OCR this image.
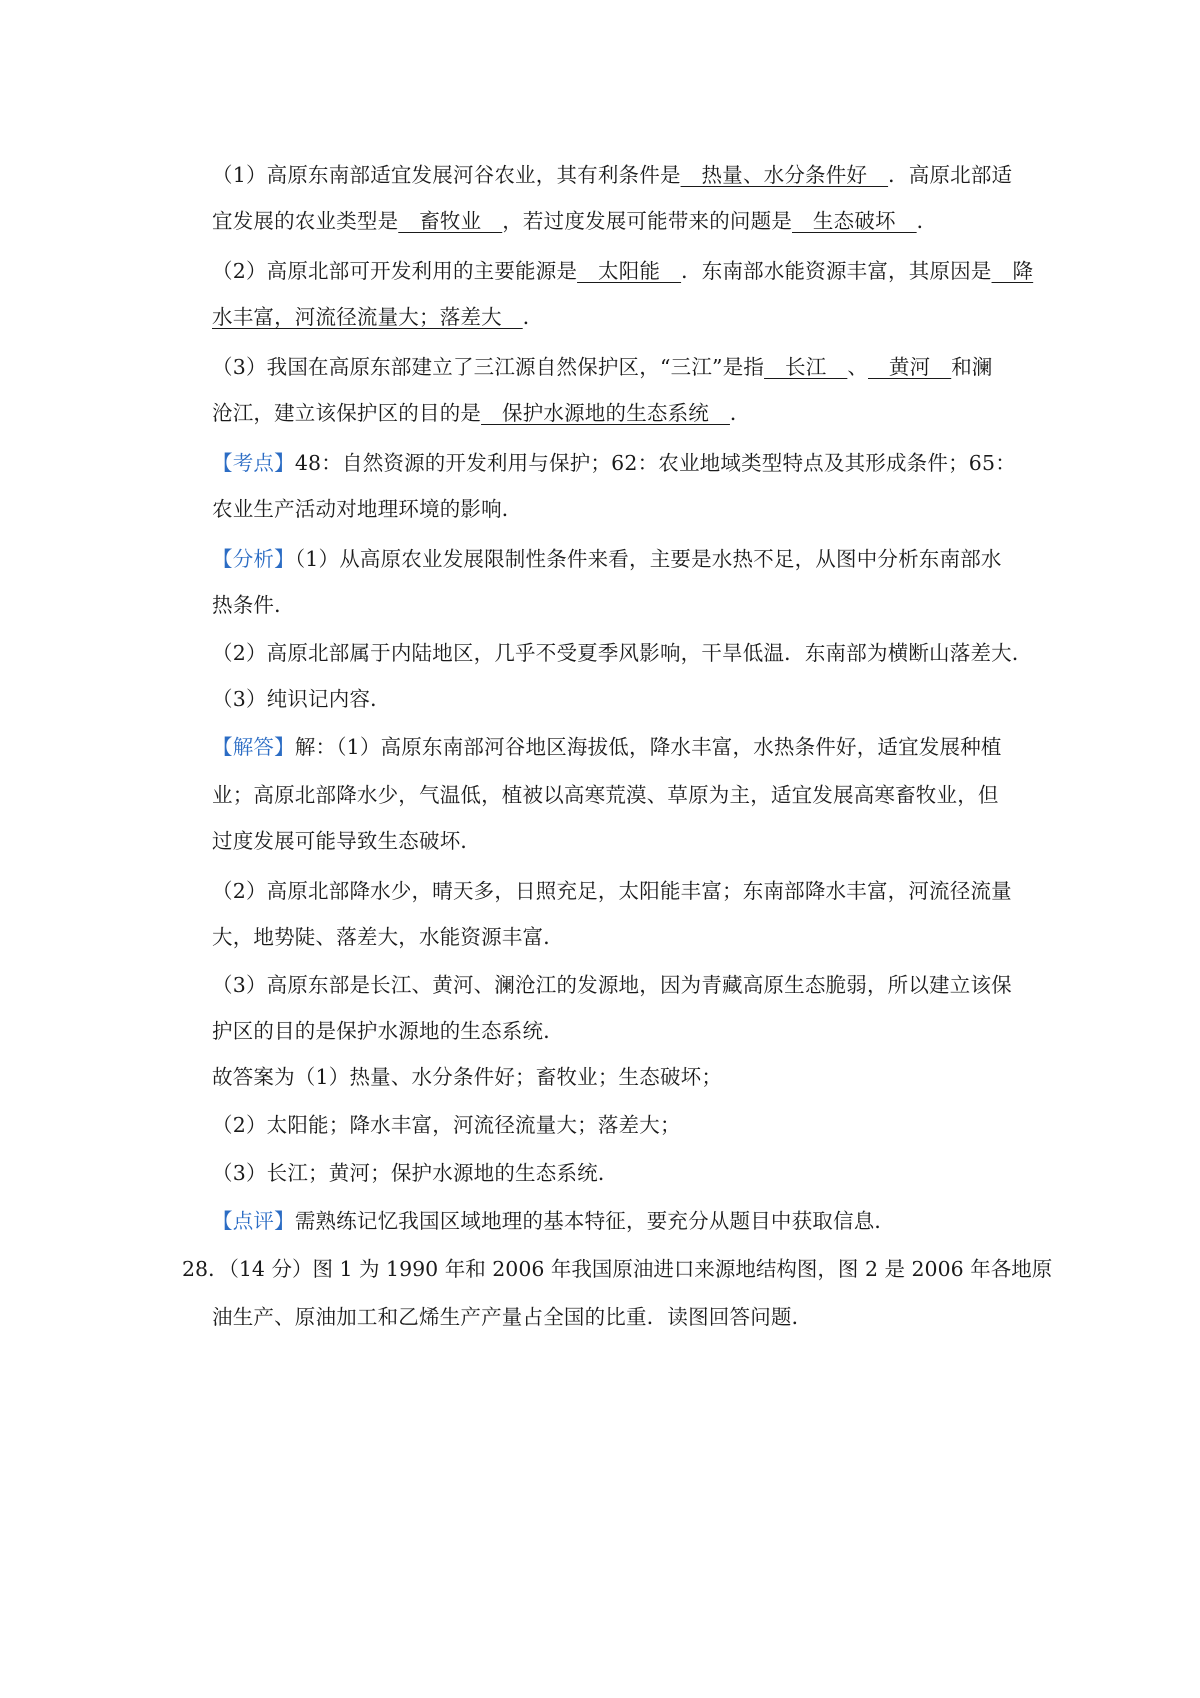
（1）高原东南部适宜发展河谷农业，其有利条件是__热量、水分条件好__．高原北部适
宜发展的农业类型是__畜牧业__，若过度发展可能带来的问题是__生态破坏__．
（2）高原北部可开发利用的主要能源是__太阳能__．东南部水能资源丰富，其原因是__降
水丰富，河流径流量大；落差大__．
（3）我国在高原东部建立了三江源自然保护区，“三江”是指__长江__、__黄河__和澜
沧江，建立该保护区的目的是__保护水源地的生态系统__．
【考点】48：自然资源的开发利用与保护；62：农业地域类型特点及其形成条件；65：
农业生产活动对地理环境的影响．
【分析】（1）从高原农业发展限制性条件来看，主要是水热不足，从图中分析东南部水
热条件．
（2）高原北部属于内陆地区，几乎不受夏季风影响，干旱低温．东南部为横断山落差大．
（3）纯识记内容．
【解答】解：（1）高原东南部河谷地区海拔低，降水丰富，水热条件好，适宜发展种植
业；高原北部降水少，气温低，植被以高寒荒漠、草原为主，适宜发展高寒畜牧业，但
过度发展可能导致生态破坏．
（2）高原北部降水少，晴天多，日照充足，太阳能丰富；东南部降水丰富，河流径流量
大，地势陡、落差大，水能资源丰富．
（3）高原东部是长江、黄河、澜沧江的发源地，因为青藏高原生态脆弱，所以建立该保
护区的目的是保护水源地的生态系统．
故答案为（1）热量、水分条件好；畜牧业；生态破坏；
（2）太阳能；降水丰富，河流径流量大；落差大；
（3）长江；黄河；保护水源地的生态系统．
【点评】需熟练记忆我国区域地理的基本特征，要充分从题目中获取信息．
28．（14 分）图 1 为 1990 年和 2006 年我国原油进口来源地结构图，图 2 是 2006 年各地原
油生产、原油加工和乙烯生产产量占全国的比重．读图回答问题．
